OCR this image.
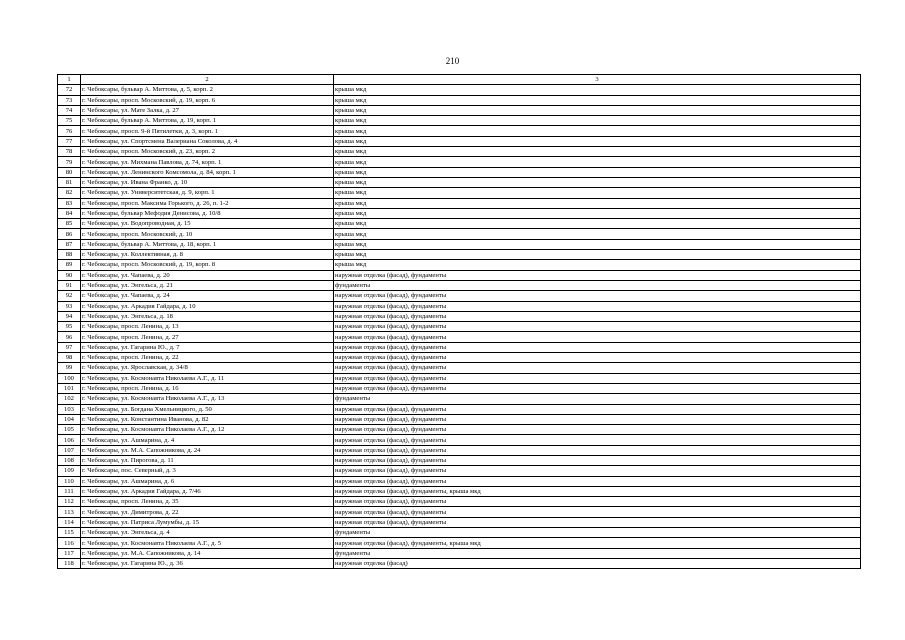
210
1	2	3
72	г. Чебоксары, бульвар А. Миттова, д. 5, корп. 2	крыша мкд
73	г. Чебоксары, просп. Московский, д. 19, корп. 6	крыша мкд
74	г. Чебоксары, ул. Мате Залка, д. 27	крыша мкд
75	г. Чебоксары, бульвар А. Миттова, д. 19, корп. 1	крыша мкд
76	г. Чебоксары, просп. 9-й Пятилетки, д. 3, корп. 1	крыша мкд
77	г. Чебоксары, ул. Спортсмена Валериана Соколова, д. 4	крыша мкд
78	г. Чебоксары, просп. Московский, д. 23, корп. 2	крыша мкд
79	г. Чебоксары, ул. Михмана Павлова, д. 74, корп. 1	крыша мкд
80	г. Чебоксары, ул. Ленинского Комсомола, д. 84, корп. 1	крыша мкд
81	г. Чебоксары, ул. Ивана Франко, д. 10	крыша мкд
82	г. Чебоксары, ул. Университетская, д. 9, корп. 1	крыша мкд
83	г. Чебоксары, просп. Максима Горького, д. 26, п. 1-2	крыша мкд
84	г. Чебоксары, бульвар Мефодия Денисова, д. 10/8	крыша мкд
85	г. Чебоксары, ул. Водопроводная, д. 15	крыша мкд
86	г. Чебоксары, просп. Московский, д. 10	крыша мкд
87	г. Чебоксары, бульвар А. Миттова, д. 18, корп. 1	крыша мкд
88	г. Чебоксары, ул. Коллективная, д. 8	крыша мкд
89	г. Чебоксары, просп. Московский, д. 19, корп. 8	крыша мкд
90	г. Чебоксары, ул. Чапаева, д. 20	наружная отделка (фасад), фундаменты
91	г. Чебоксары, ул. Энгельса, д. 21	фундаменты
92	г. Чебоксары, ул. Чапаева, д. 24	наружная отделка (фасад), фундаменты
93	г. Чебоксары, ул. Аркадия Гайдара, д. 10	наружная отделка (фасад), фундаменты
94	г. Чебоксары, ул. Энгельса, д. 18	наружная отделка (фасад), фундаменты
95	г. Чебоксары, просп. Ленина, д. 13	наружная отделка (фасад), фундаменты
96	г. Чебоксары, просп. Ленина, д. 27	наружная отделка (фасад), фундаменты
97	г. Чебоксары, ул. Гагарина Ю., д. 7	наружная отделка (фасад), фундаменты
98	г. Чебоксары, просп. Ленина, д. 22	наружная отделка (фасад), фундаменты
99	г. Чебоксары, ул. Ярославская, д. 34/8	наружная отделка (фасад), фундаменты
100	г. Чебоксары, ул. Космонавта Николаева А.Г., д. 11	наружная отделка (фасад), фундаменты
101	г. Чебоксары, просп. Ленина, д. 16	наружная отделка (фасад), фундаменты
102	г. Чебоксары, ул. Космонавта Николаева А.Г., д. 13	фундаменты
103	г. Чебоксары, ул. Богдана Хмельницкого, д. 50	наружная отделка (фасад), фундаменты
104	г. Чебоксары, ул. Константина Иванова, д. 82	наружная отделка (фасад), фундаменты
105	г. Чебоксары, ул. Космонавта Николаева А.Г., д. 12	наружная отделка (фасад), фундаменты
106	г. Чебоксары, ул. Ашмарина, д. 4	наружная отделка (фасад), фундаменты
107	г. Чебоксары, ул. М.А. Сапожникова, д. 24	наружная отделка (фасад), фундаменты
108	г. Чебоксары, ул. Пирогова, д. 11	наружная отделка (фасад), фундаменты
109	г. Чебоксары, пос. Северный, д. 3	наружная отделка (фасад), фундаменты
110	г. Чебоксары, ул. Ашмарина, д. 6	наружная отделка (фасад), фундаменты
111	г. Чебоксары, ул. Аркадия Гайдара, д. 7/46	наружная отделка (фасад), фундаменты, крыша мкд
112	г. Чебоксары, просп. Ленина, д. 35	наружная отделка (фасад), фундаменты
113	г. Чебоксары, ул. Димитрова, д. 22	наружная отделка (фасад), фундаменты
114	г. Чебоксары, ул. Патриса Лумумбы, д. 15	наружная отделка (фасад), фундаменты
115	г. Чебоксары, ул. Энгельса, д. 4	фундаменты
116	г. Чебоксары, ул. Космонавта Николаева А.Г., д. 5	наружная отделка (фасад), фундаменты, крыша мкд
117	г. Чебоксары, ул. М.А. Сапожникова, д. 14	фундаменты
118	г. Чебоксары, ул. Гагарина Ю., д. 36	наружная отделка (фасад)
